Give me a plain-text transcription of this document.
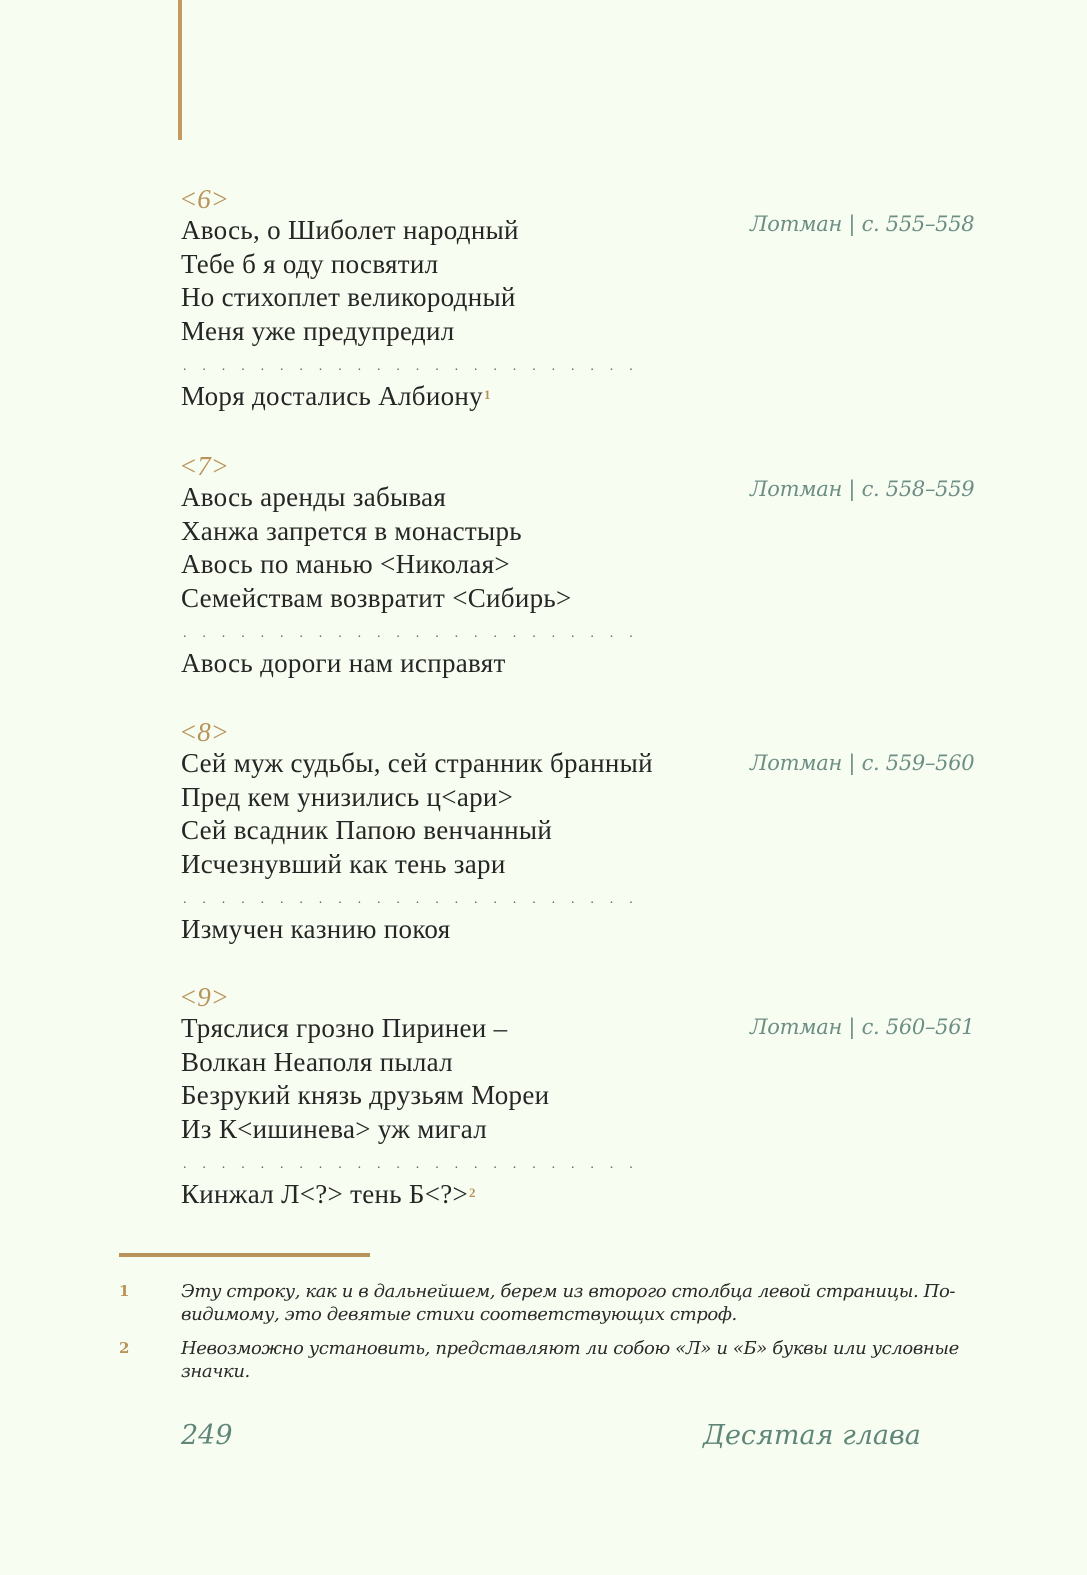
<6>
Авось, о Шиболет народный
Тебе б я оду посвятил
Но стихоплет великородный
Меня уже предупредил
. . . . . . . . . . . . . . . . . . . . . . . .
Моря достались Албиону$^1$
Лотман | с. 555–558
<7>
Авось аренды забывая
Ханжа запрется в монастырь
Авось по манью <Николая>
Семействам возвратит <Сибирь>
. . . . . . . . . . . . . . . . . . . . . . . .
Авось дороги нам исправят
Лотман | с. 558–559
<8>
Сей муж судьбы, сей странник бранный
Пред кем унизились ц<ари>
Сей всадник Папою венчанный
Исчезнувший как тень зари
. . . . . . . . . . . . . . . . . . . . . . . .
Измучен казнию покоя
Лотман | с. 559–560
<9>
Тряслися грозно Пиринеи –
Волкан Неаполя пылал
Безрукий князь друзьям Мореи
Из К<ишинева> уж мигал
. . . . . . . . . . . . . . . . . . . . . . . .
Кинжал Л<?> тень Б<?>$^2$
Лотман | с. 560–561
1	Эту строку, как и в дальнейшем, берем из второго столбца левой страницы. По-видимому, это девятые стихи соответствующих строф.
2	Невозможно установить, представляют ли собою «Л» и «Б» буквы или условные значки.
249	Десятая глава
